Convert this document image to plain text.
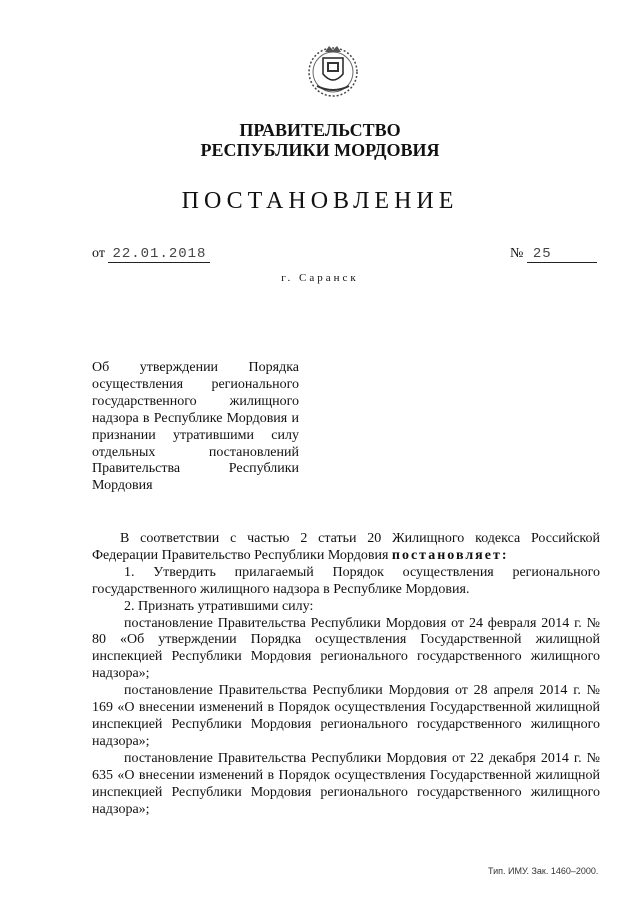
ПРАВИТЕЛЬСТВО
РЕСПУБЛИКИ МОРДОВИЯ
ПОСТАНОВЛЕНИЕ
от 22.01.2018	№ 25
г. Саранск
Об утверждении Порядка осуществления регионального государственного жилищного надзора в Республике Мордовия и признании утратившими силу отдельных постановлений Правительства Республики Мордовия

В соответствии с частью 2 статьи 20 Жилищного кодекса Российской Федерации Правительство Республики Мордовия постановляет:

1. Утвердить прилагаемый Порядок осуществления регионального государственного жилищного надзора в Республике Мордовия.

2. Признать утратившими силу:

постановление Правительства Республики Мордовия от 24 февраля 2014 г. № 80 «Об утверждении Порядка осуществления Государственной жилищной инспекцией Республики Мордовия регионального государственного жилищного надзора»;

постановление Правительства Республики Мордовия от 28 апреля 2014 г. № 169 «О внесении изменений в Порядок осуществления Государственной жилищной инспекцией Республики Мордовия регионального государственного жилищного надзора»;

постановление Правительства Республики Мордовия от 22 декабря 2014 г. № 635 «О внесении изменений в Порядок осуществления Государственной жилищной инспекцией Республики Мордовия регионального государственного жилищного надзора»;

Тип. ИМУ. Зак. 1460–2000.
